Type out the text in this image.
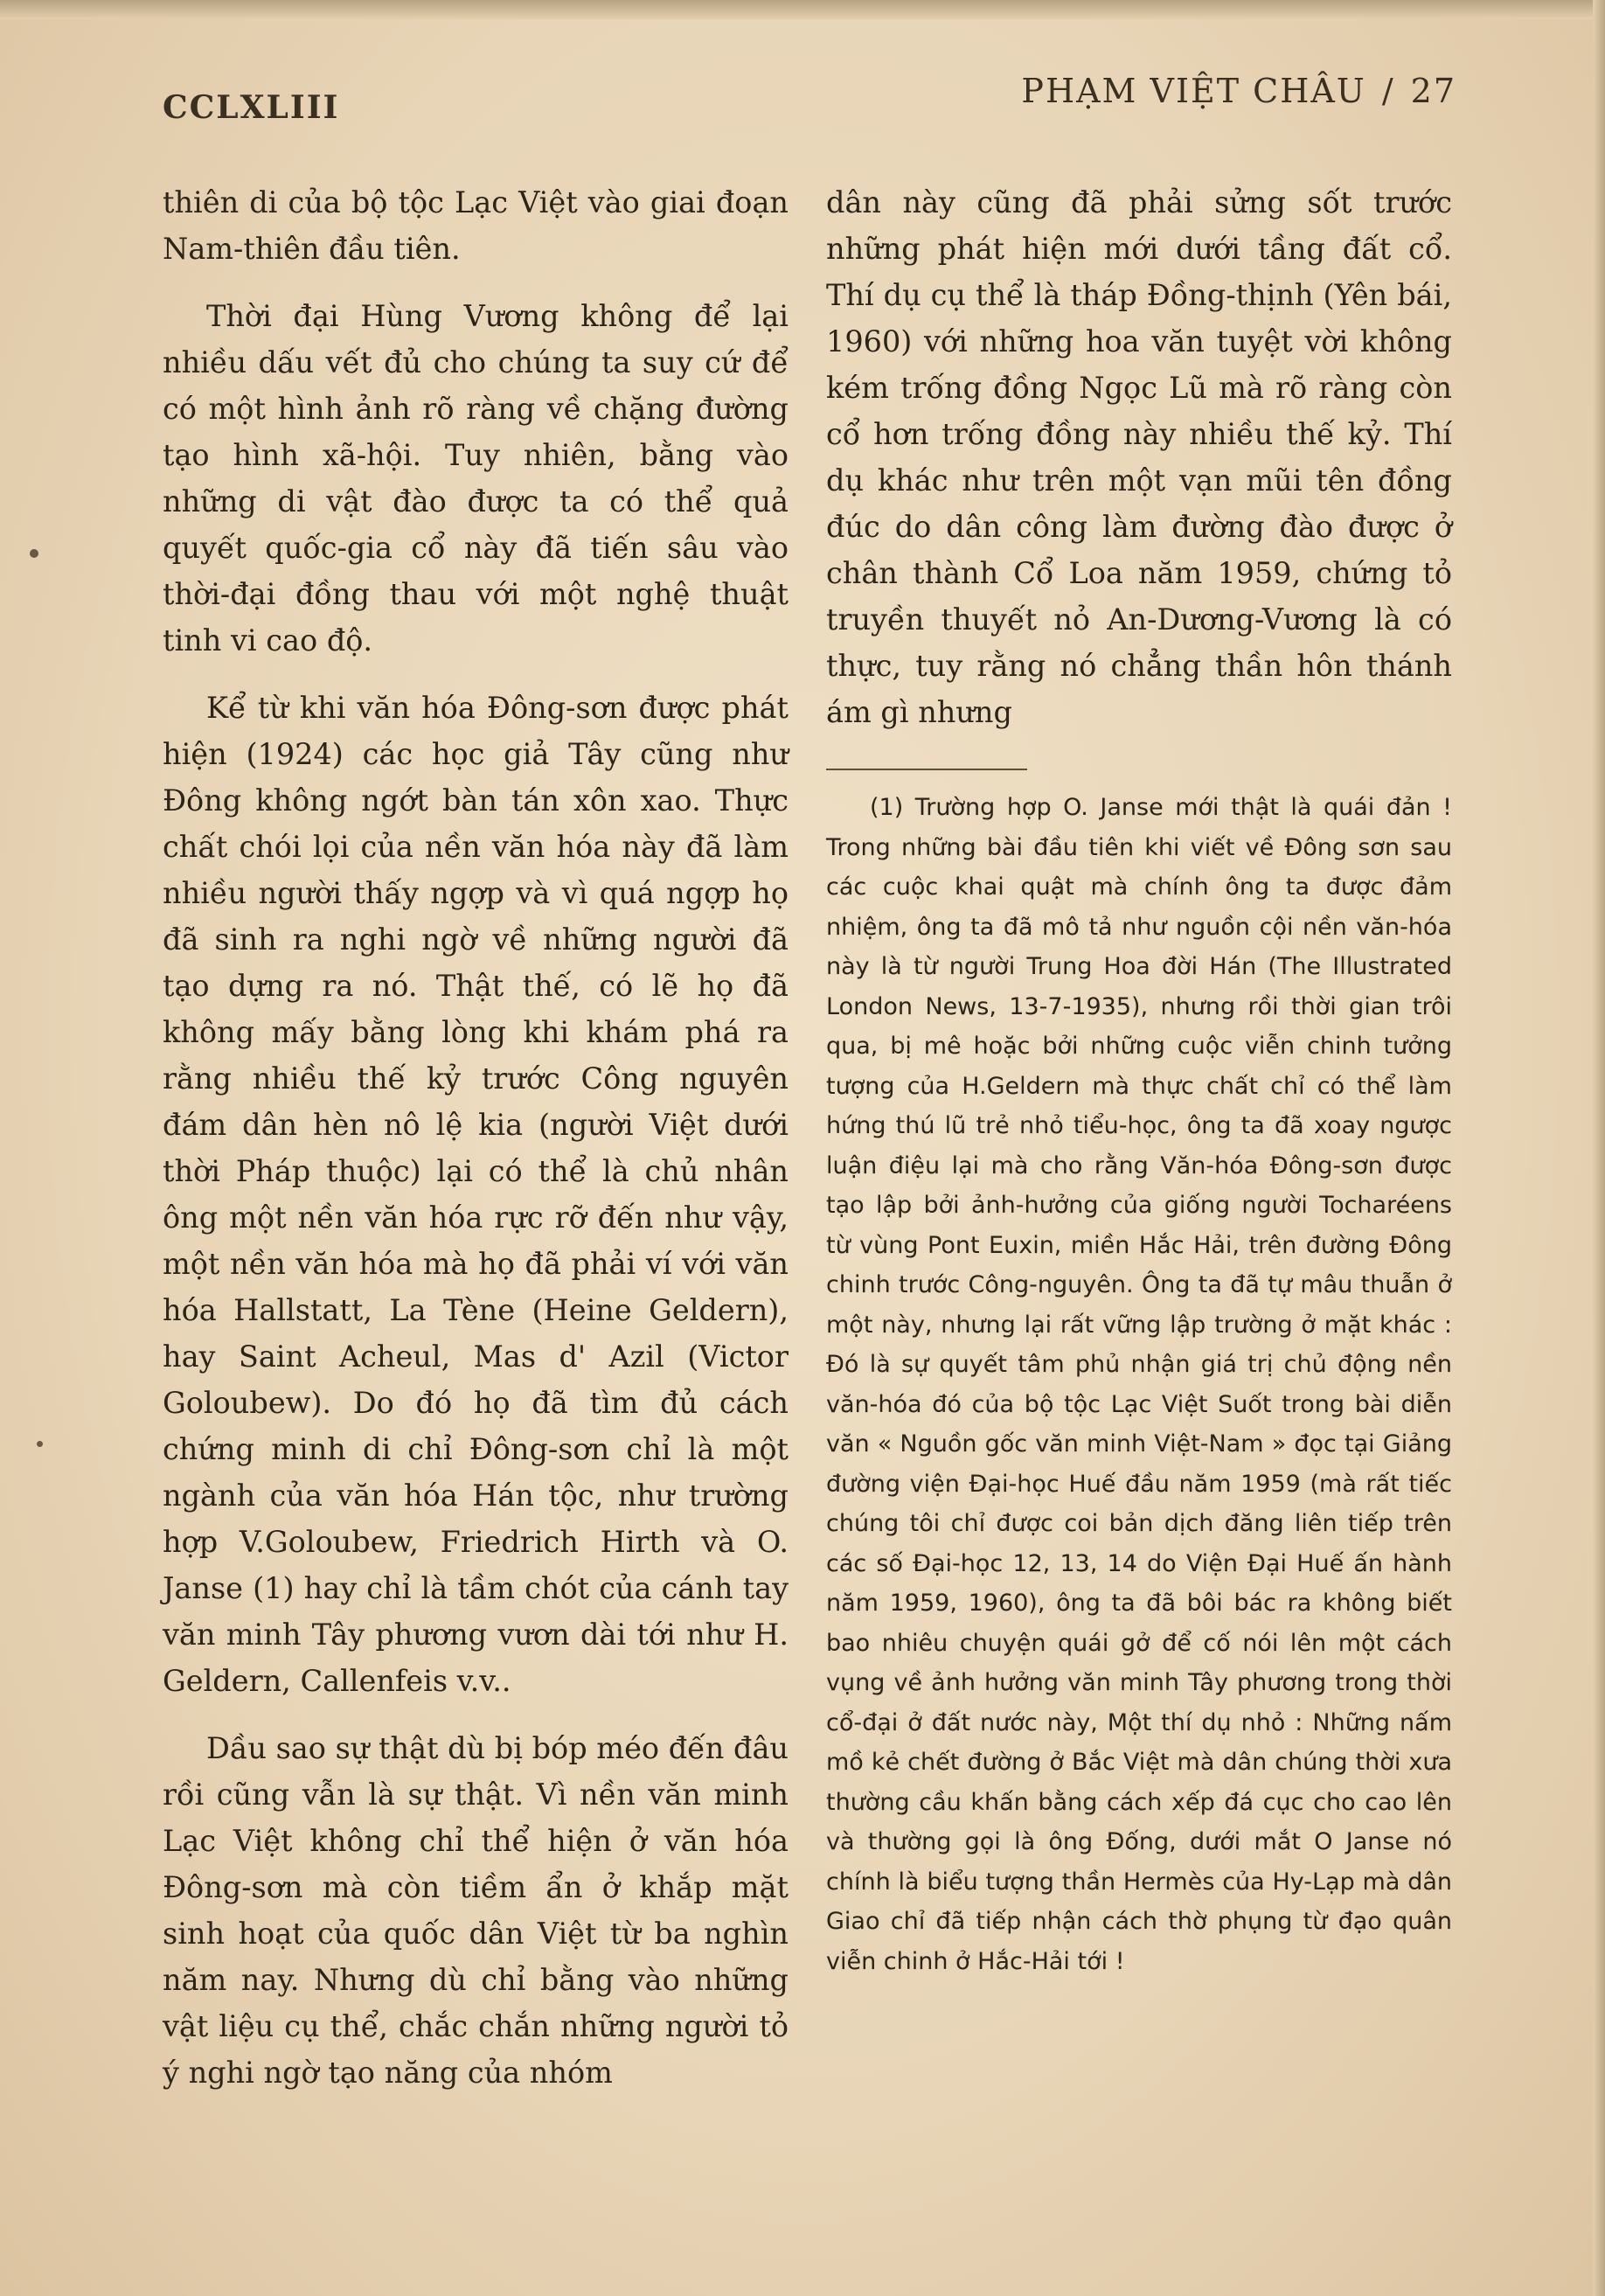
CCLXLIII	PHẠM VIỆT CHÂU / 27

thiên di của bộ tộc Lạc Việt vào giai đoạn Nam-thiên đầu tiên.

Thời đại Hùng Vương không để lại nhiều dấu vết đủ cho chúng ta suy cứ để có một hình ảnh rõ ràng về chặng đường tạo hình xã-hội. Tuy nhiên, bằng vào những di vật đào được ta có thể quả quyết quốc-gia cổ này đã tiến sâu vào thời-đại đồng thau với một nghệ thuật tinh vi cao độ.

Kể từ khi văn hóa Đông-sơn được phát hiện (1924) các học giả Tây cũng như Đông không ngớt bàn tán xôn xao. Thực chất chói lọi của nền văn hóa này đã làm nhiều người thấy ngợp và vì quá ngợp họ đã sinh ra nghi ngờ về những người đã tạo dựng ra nó. Thật thế, có lẽ họ đã không mấy bằng lòng khi khám phá ra rằng nhiều thế kỷ trước Công nguyên đám dân hèn nô lệ kia (người Việt dưới thời Pháp thuộc) lại có thể là chủ nhân ông một nền văn hóa rực rỡ đến như vậy, một nền văn hóa mà họ đã phải ví với văn hóa Hallstatt, La Tène (Heine Geldern), hay Saint Acheul, Mas d' Azil (Victor Goloubew). Do đó họ đã tìm đủ cách chứng minh di chỉ Đông-sơn chỉ là một ngành của văn hóa Hán tộc, như trường hợp V.Goloubew, Friedrich Hirth và O. Janse (1) hay chỉ là tầm chót của cánh tay văn minh Tây phương vươn dài tới như H. Geldern, Callenfeis v.v..

Dầu sao sự thật dù bị bóp méo đến đâu rồi cũng vẫn là sự thật. Vì nền văn minh Lạc Việt không chỉ thể hiện ở văn hóa Đông-sơn mà còn tiềm ẩn ở khắp mặt sinh hoạt của quốc dân Việt từ ba nghìn năm nay. Nhưng dù chỉ bằng vào những vật liệu cụ thể, chắc chắn những người tỏ ý nghi ngờ tạo năng của nhóm

dân này cũng đã phải sửng sốt trước những phát hiện mới dưới tầng đất cổ. Thí dụ cụ thể là tháp Đồng-thịnh (Yên bái, 1960) với những hoa văn tuyệt vời không kém trống đồng Ngọc Lũ mà rõ ràng còn cổ hơn trống đồng này nhiều thế kỷ. Thí dụ khác như trên một vạn mũi tên đồng đúc do dân công làm đường đào được ở chân thành Cổ Loa năm 1959, chứng tỏ truyền thuyết nỏ An-Dương-Vương là có thực, tuy rằng nó chẳng thần hôn thánh ám gì nhưng

(1) Trường hợp O. Janse mới thật là quái đản ! Trong những bài đầu tiên khi viết về Đông sơn sau các cuộc khai quật mà chính ông ta được đảm nhiệm, ông ta đã mô tả như nguồn cội nền văn-hóa này là từ người Trung Hoa đời Hán (The Illustrated London News, 13-7-1935), nhưng rồi thời gian trôi qua, bị mê hoặc bởi những cuộc viễn chinh tưởng tượng của H.Geldern mà thực chất chỉ có thể làm hứng thú lũ trẻ nhỏ tiểu-học, ông ta đã xoay ngược luận điệu lại mà cho rằng Văn-hóa Đông-sơn được tạo lập bởi ảnh-hưởng của giống người Tocharéens từ vùng Pont Euxin, miền Hắc Hải, trên đường Đông chinh trước Công-nguyên. Ông ta đã tự mâu thuẫn ở một này, nhưng lại rất vững lập trường ở mặt khác : Đó là sự quyết tâm phủ nhận giá trị chủ động nền văn-hóa đó của bộ tộc Lạc Việt Suốt trong bài diễn văn « Nguồn gốc văn minh Việt-Nam » đọc tại Giảng đường viện Đại-học Huế đầu năm 1959 (mà rất tiếc chúng tôi chỉ được coi bản dịch đăng liên tiếp trên các số Đại-học 12, 13, 14 do Viện Đại Huế ấn hành năm 1959, 1960), ông ta đã bôi bác ra không biết bao nhiêu chuyện quái gở để cố nói lên một cách vụng về ảnh hưởng văn minh Tây phương trong thời cổ-đại ở đất nước này, Một thí dụ nhỏ : Những nấm mồ kẻ chết đường ở Bắc Việt mà dân chúng thời xưa thường cầu khấn bằng cách xếp đá cục cho cao lên và thường gọi là ông Đống, dưới mắt O Janse nó chính là biểu tượng thần Hermès của Hy-Lạp mà dân Giao chỉ đã tiếp nhận cách thờ phụng từ đạo quân viễn chinh ở Hắc-Hải tới !
